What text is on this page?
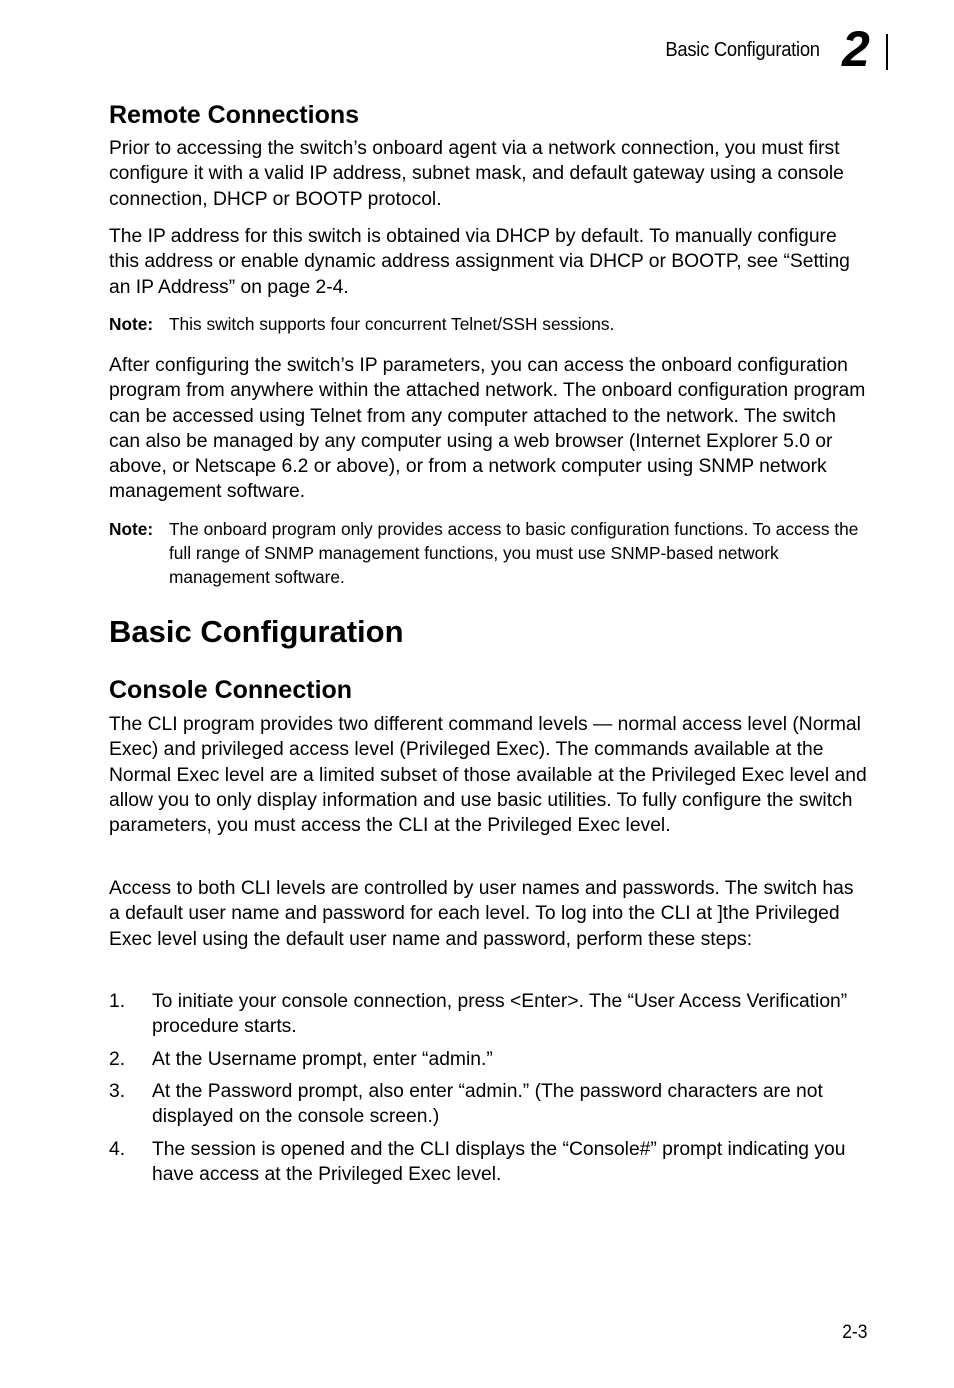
Basic Configuration 2
Remote Connections
Prior to accessing the switch’s onboard agent via a network connection, you must first configure it with a valid IP address, subnet mask, and default gateway using a console connection, DHCP or BOOTP protocol.
The IP address for this switch is obtained via DHCP by default. To manually configure this address or enable dynamic address assignment via DHCP or BOOTP, see “Setting an IP Address” on page 2-4.
Note: This switch supports four concurrent Telnet/SSH sessions.
After configuring the switch’s IP parameters, you can access the onboard configuration program from anywhere within the attached network. The onboard configuration program can be accessed using Telnet from any computer attached to the network. The switch can also be managed by any computer using a web browser (Internet Explorer 5.0 or above, or Netscape 6.2 or above), or from a network computer using SNMP network management software.
Note: The onboard program only provides access to basic configuration functions. To access the full range of SNMP management functions, you must use SNMP-based network management software.
Basic Configuration
Console Connection
The CLI program provides two different command levels — normal access level (Normal Exec) and privileged access level (Privileged Exec). The commands available at the Normal Exec level are a limited subset of those available at the Privileged Exec level and allow you to only display information and use basic utilities. To fully configure the switch parameters, you must access the CLI at the Privileged Exec level.
Access to both CLI levels are controlled by user names and passwords. The switch has a default user name and password for each level. To log into the CLI at ]the Privileged Exec level using the default user name and password, perform these steps:
1.	To initiate your console connection, press <Enter>. The “User Access Verification” procedure starts.
2.	At the Username prompt, enter “admin.”
3.	At the Password prompt, also enter “admin.” (The password characters are not displayed on the console screen.)
4.	The session is opened and the CLI displays the “Console#” prompt indicating you have access at the Privileged Exec level.
2-3
